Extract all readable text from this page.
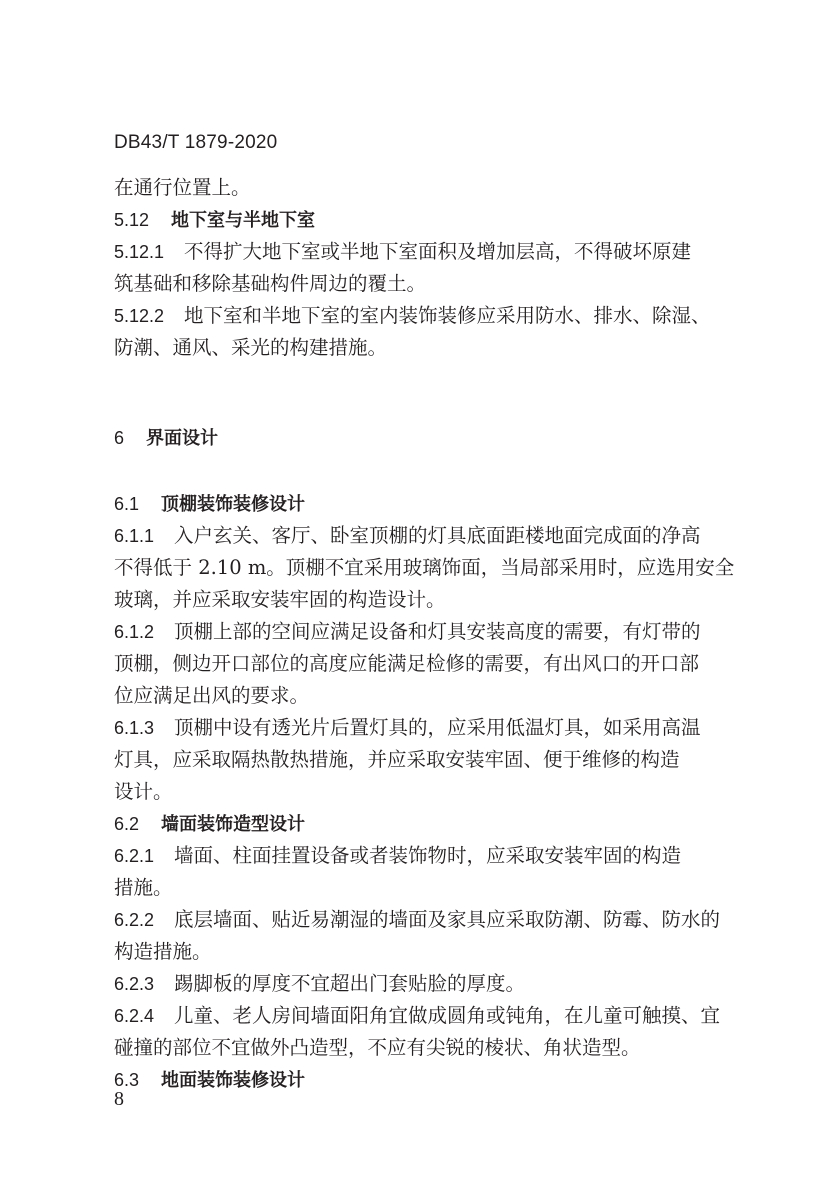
DB43/T 1879-2020
在通行位置上。
5.12 地下室与半地下室
5.12.1 不得扩大地下室或半地下室面积及增加层高，不得破坏原建
筑基础和移除基础构件周边的覆土。
5.12.2 地下室和半地下室的室内装饰装修应采用防水、排水、除湿、
防潮、通风、采光的构建措施。
6 界面设计
6.1 顶棚装饰装修设计
6.1.1 入户玄关、客厅、卧室顶棚的灯具底面距楼地面完成面的净高
不得低于 2.10 m。顶棚不宜采用玻璃饰面，当局部采用时，应选用安全
玻璃，并应采取安装牢固的构造设计。
6.1.2 顶棚上部的空间应满足设备和灯具安装高度的需要，有灯带的
顶棚，侧边开口部位的高度应能满足检修的需要，有出风口的开口部
位应满足出风的要求。
6.1.3 顶棚中设有透光片后置灯具的，应采用低温灯具，如采用高温
灯具，应采取隔热散热措施，并应采取安装牢固、便于维修的构造
设计。
6.2 墙面装饰造型设计
6.2.1 墙面、柱面挂置设备或者装饰物时，应采取安装牢固的构造
措施。
6.2.2 底层墙面、贴近易潮湿的墙面及家具应采取防潮、防霉、防水的
构造措施。
6.2.3 踢脚板的厚度不宜超出门套贴脸的厚度。
6.2.4 儿童、老人房间墙面阳角宜做成圆角或钝角，在儿童可触摸、宜
碰撞的部位不宜做外凸造型，不应有尖锐的棱状、角状造型。
6.3 地面装饰装修设计
8
